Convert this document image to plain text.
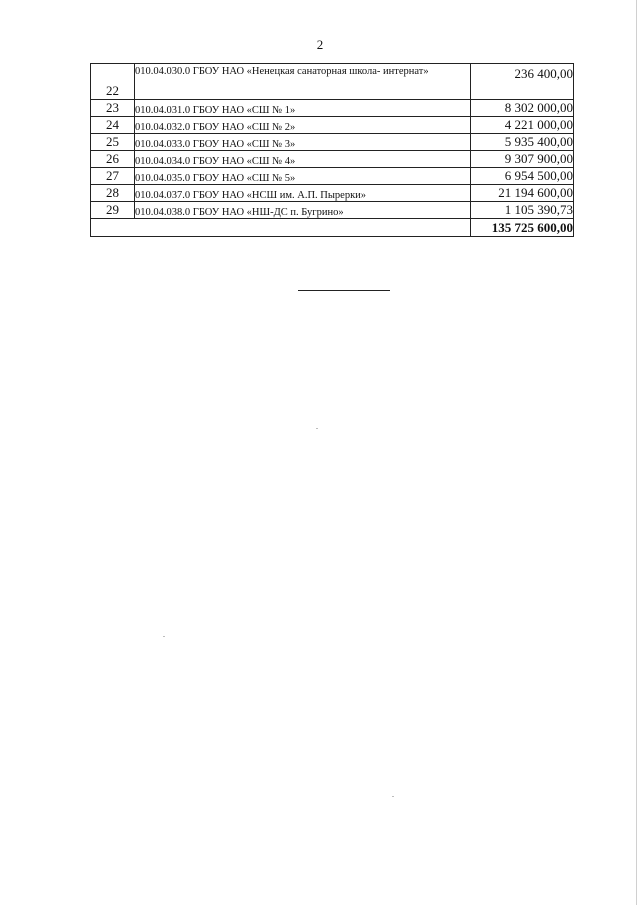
2
22	010.04.030.0 ГБОУ НАО «Ненецкая санаторная школа- интернат»	236 400,00
23	010.04.031.0 ГБОУ НАО «СШ № 1»	8 302 000,00
24	010.04.032.0 ГБОУ НАО «СШ № 2»	4 221 000,00
25	010.04.033.0 ГБОУ НАО «СШ № 3»	5 935 400,00
26	010.04.034.0 ГБОУ НАО «СШ № 4»	9 307 900,00
27	010.04.035.0 ГБОУ НАО «СШ № 5»	6 954 500,00
28	010.04.037.0 ГБОУ НАО «НСШ им. А.П. Пырерки»	21 194 600,00
29	010.04.038.0 ГБОУ НАО «НШ-ДС п. Бугрино»	1 105 390,73
		135 725 600,00
